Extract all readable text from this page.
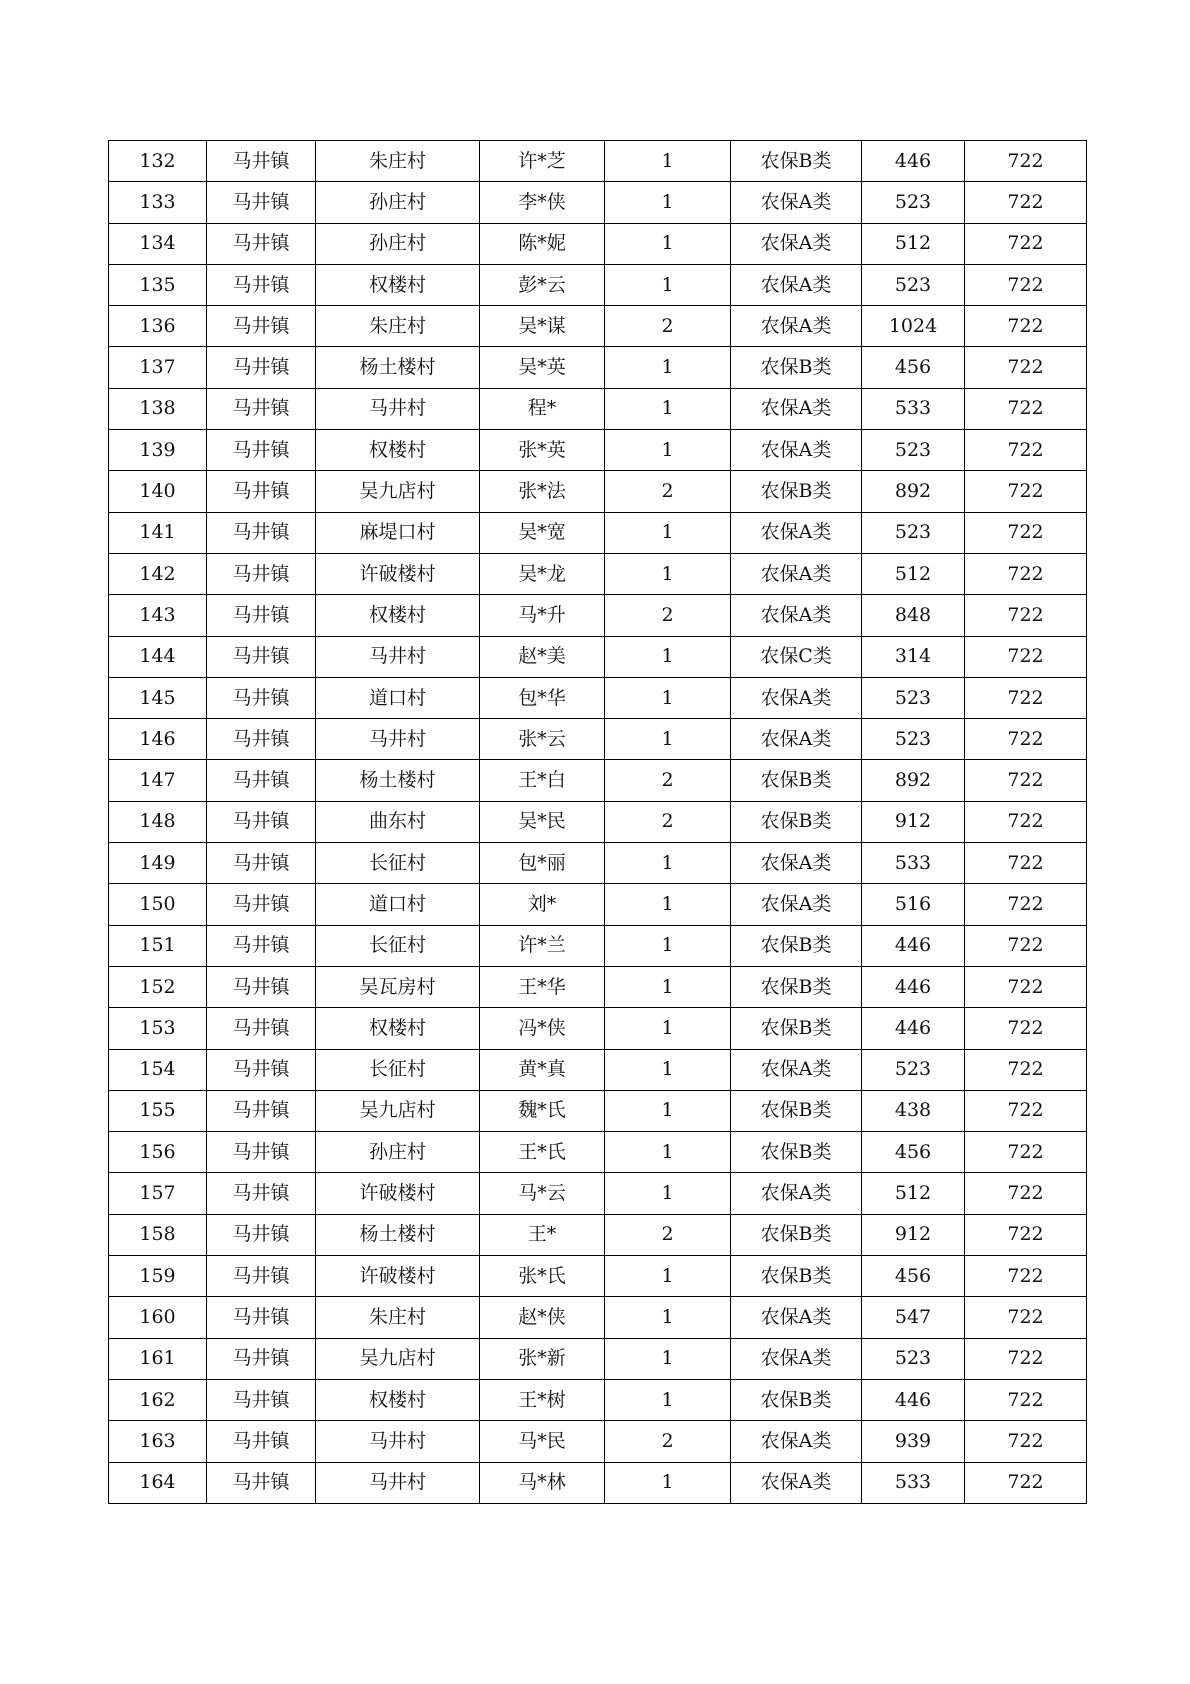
132	马井镇	朱庄村	许*芝	1	农保B类	446	722
133	马井镇	孙庄村	李*侠	1	农保A类	523	722
134	马井镇	孙庄村	陈*妮	1	农保A类	512	722
135	马井镇	权楼村	彭*云	1	农保A类	523	722
136	马井镇	朱庄村	吴*谋	2	农保A类	1024	722
137	马井镇	杨土楼村	吴*英	1	农保B类	456	722
138	马井镇	马井村	程*	1	农保A类	533	722
139	马井镇	权楼村	张*英	1	农保A类	523	722
140	马井镇	吴九店村	张*法	2	农保B类	892	722
141	马井镇	麻堤口村	吴*宽	1	农保A类	523	722
142	马井镇	许破楼村	吴*龙	1	农保A类	512	722
143	马井镇	权楼村	马*升	2	农保A类	848	722
144	马井镇	马井村	赵*美	1	农保C类	314	722
145	马井镇	道口村	包*华	1	农保A类	523	722
146	马井镇	马井村	张*云	1	农保A类	523	722
147	马井镇	杨土楼村	王*白	2	农保B类	892	722
148	马井镇	曲东村	吴*民	2	农保B类	912	722
149	马井镇	长征村	包*丽	1	农保A类	533	722
150	马井镇	道口村	刘*	1	农保A类	516	722
151	马井镇	长征村	许*兰	1	农保B类	446	722
152	马井镇	吴瓦房村	王*华	1	农保B类	446	722
153	马井镇	权楼村	冯*侠	1	农保B类	446	722
154	马井镇	长征村	黄*真	1	农保A类	523	722
155	马井镇	吴九店村	魏*氏	1	农保B类	438	722
156	马井镇	孙庄村	王*氏	1	农保B类	456	722
157	马井镇	许破楼村	马*云	1	农保A类	512	722
158	马井镇	杨土楼村	王*	2	农保B类	912	722
159	马井镇	许破楼村	张*氏	1	农保B类	456	722
160	马井镇	朱庄村	赵*侠	1	农保A类	547	722
161	马井镇	吴九店村	张*新	1	农保A类	523	722
162	马井镇	权楼村	王*树	1	农保B类	446	722
163	马井镇	马井村	马*民	2	农保A类	939	722
164	马井镇	马井村	马*林	1	农保A类	533	722
